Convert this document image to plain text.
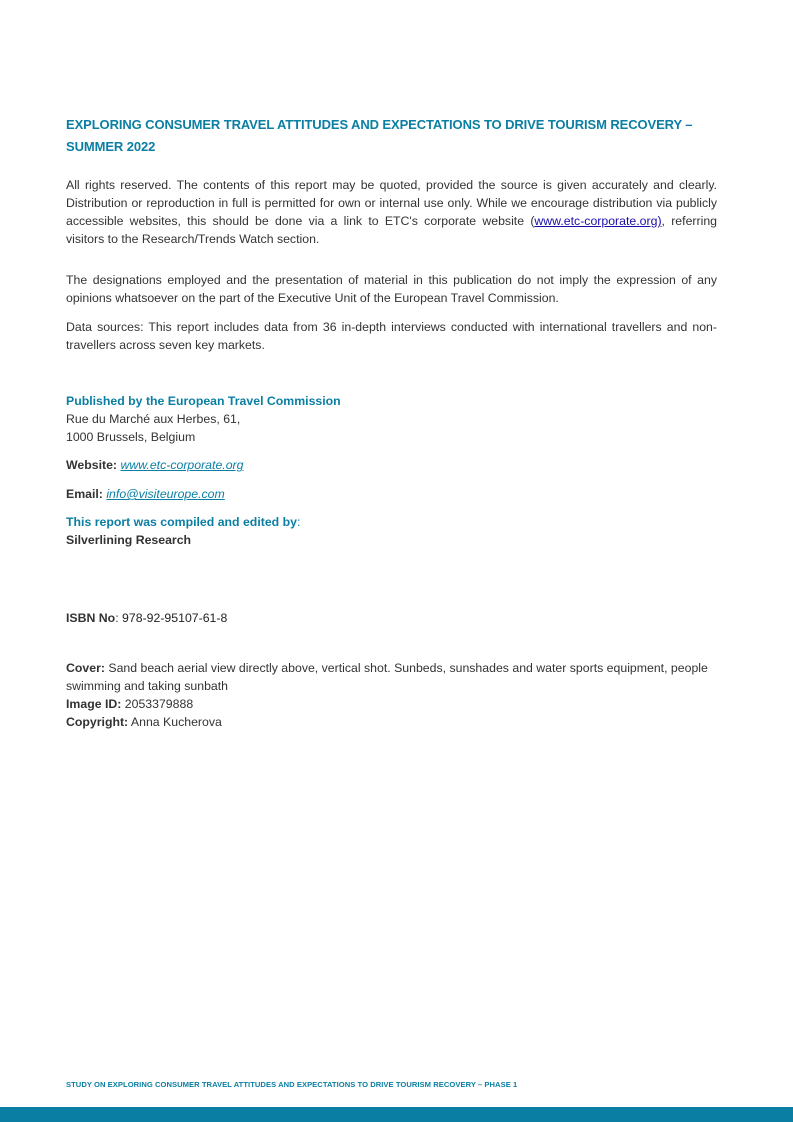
EXPLORING CONSUMER TRAVEL ATTITUDES AND EXPECTATIONS TO DRIVE TOURISM RECOVERY –
SUMMER 2022
All rights reserved. The contents of this report may be quoted, provided the source is given accurately and clearly. Distribution or reproduction in full is permitted for own or internal use only. While we encourage distribution via publicly accessible websites, this should be done via a link to ETC's corporate website (www.etc-corporate.org), referring visitors to the Research/Trends Watch section.
The designations employed and the presentation of material in this publication do not imply the expression of any opinions whatsoever on the part of the Executive Unit of the European Travel Commission.
Data sources: This report includes data from 36 in-depth interviews conducted with international travellers and non-travellers across seven key markets.
Published by the European Travel Commission
Rue du Marché aux Herbes, 61,
1000 Brussels, Belgium
Website: www.etc-corporate.org
Email: info@visiteurope.com
This report was compiled and edited by:
Silverlining Research
ISBN No: 978-92-95107-61-8
Cover: Sand beach aerial view directly above, vertical shot. Sunbeds, sunshades and water sports equipment, people swimming and taking sunbath
Image ID: 2053379888
Copyright: Anna Kucherova
STUDY ON EXPLORING CONSUMER TRAVEL ATTITUDES AND EXPECTATIONS TO DRIVE TOURISM RECOVERY – PHASE 1
